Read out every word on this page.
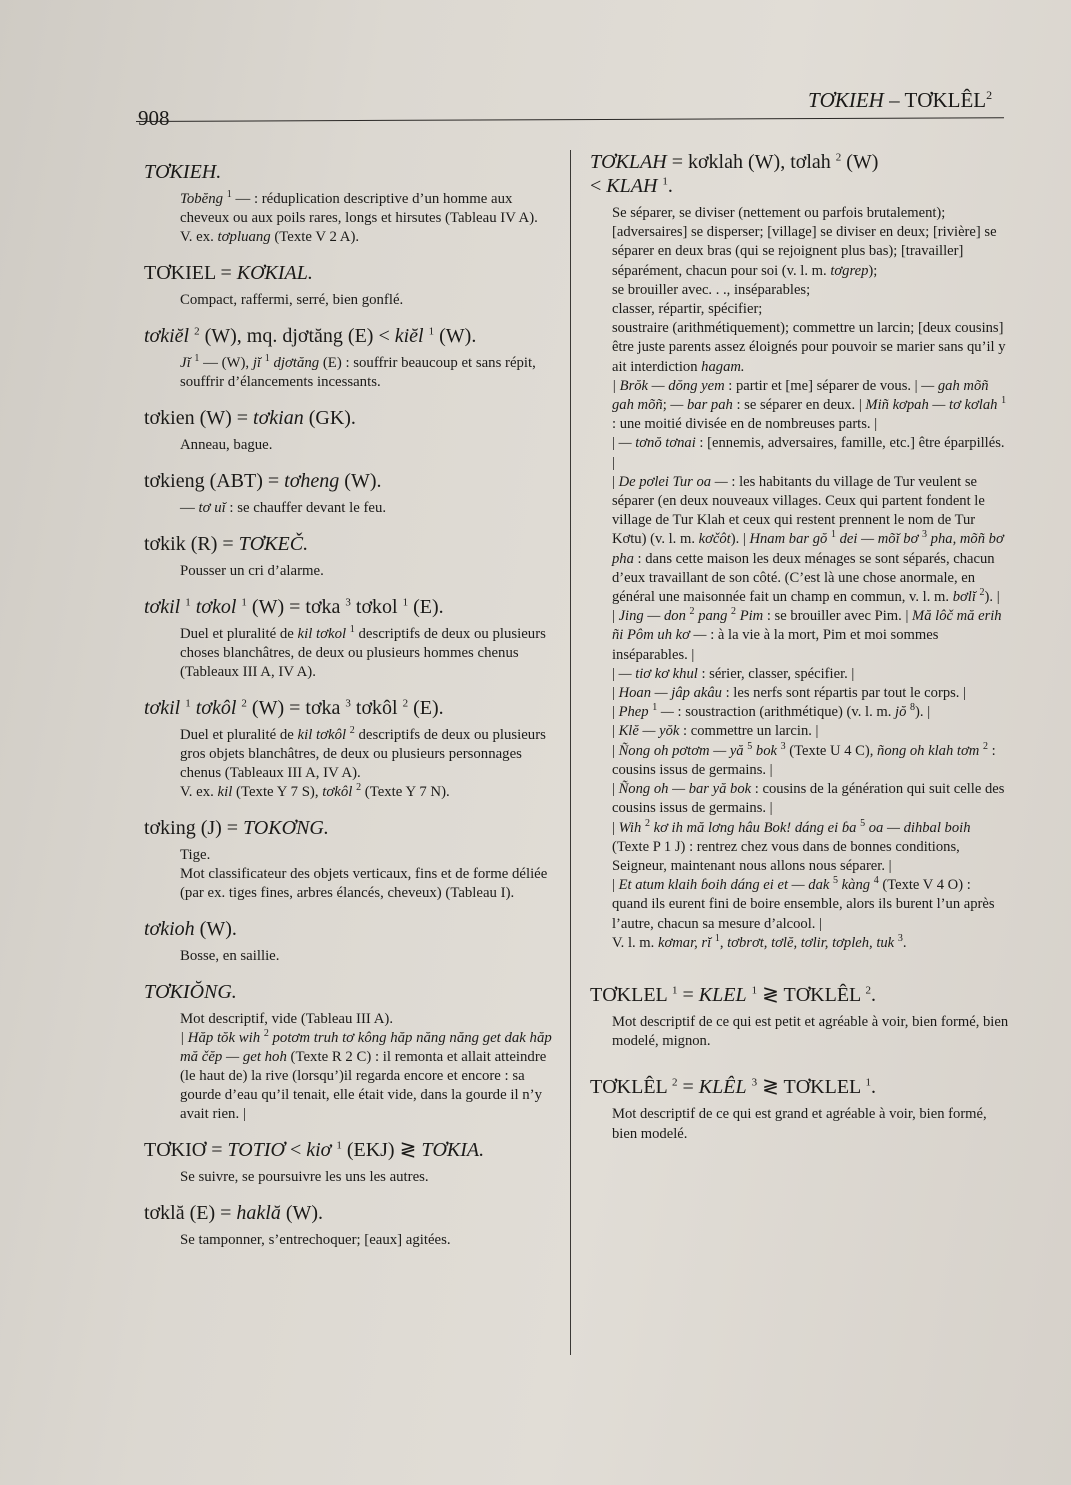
908
TƠKIEH – TƠKLÊL$^2$
TƠKIEH.

Tobĕng $^1$ — : réduplication descriptive d’un homme aux cheveux ou aux poils rares, longs et hirsutes (Tableau IV A).

V. ex. tơpluang (Texte V 2 A).

TƠKIEL = KƠKIAL.

Compact, raffermi, serré, bien gonflé.

tơkiĕl $^2$ (W), mq. djơtăng (E) < kiĕl $^1$ (W).

Jĭ $^1$ — (W), jĭ $^1$ djơtăng (E) : souffrir beaucoup et sans répit, souffrir d’élancements incessants.

tơkien (W) = tơkian (GK).

Anneau, bague.

tơkieng (ABT) = tơheng (W).

— tơ uĭ : se chauffer devant le feu.

tơkik (R) = TƠKEČ.

Pousser un cri d’alarme.

tơkil $^1$ tơkol $^1$ (W) = tơka $^3$ tơkol $^1$ (E).

Duel et pluralité de kil tơkol $^1$ descriptifs de deux ou plusieurs choses blanchâtres, de deux ou plusieurs hommes chenus (Tableaux III A, IV A).

tơkil $^1$ tơkôl $^2$ (W) = tơka $^3$ tơkôl $^2$ (E).

Duel et pluralité de kil tơkôl $^2$ descriptifs de deux ou plusieurs gros objets blanchâtres, de deux ou plusieurs personnages chenus (Tableaux III A, IV A).

V. ex. kil (Texte Y 7 S), tơkôl $^2$ (Texte Y 7 N).

tơking (J) = TOKƠNG.

Tige.

Mot classificateur des objets verticaux, fins et de forme déliée (par ex. tiges fines, arbres élancés, cheveux) (Tableau I).

tơkioh (W).

Bosse, en saillie.

TƠKIŎNG.

Mot descriptif, vide (Tableau III A).

| Hăp tŏk wih $^2$ potơm truh tơ kông hăp năng năng get dak hăp mă čĕp — get hoh (Texte R 2 C) : il remonta et allait atteindre (le haut de) la rive (lorsqu’)il regarda encore et encore : sa gourde d’eau qu’il tenait, elle était vide, dans la gourde il n’y avait rien. |

TƠKIƠ = TOTIƠ < kiơ $^1$ (EKJ) ≷ TƠKIA.

Se suivre, se poursuivre les uns les autres.

tơklă (E) = haklă (W).

Se tamponner, s’entrechoquer; [eaux] agitées.

TƠKLAH = kơklah (W), tơlah $^2$ (W)
< KLAH $^1$.

Se séparer, se diviser (nettement ou parfois brutalement); [adversaires] se disperser; [village] se diviser en deux; [rivière] se séparer en deux bras (qui se rejoignent plus bas); [travailler] séparément, chacun pour soi (v. l. m. tơgrep);

se brouiller avec. . ., inséparables;

classer, répartir, spécifier;

soustraire (arithmétiquement); commettre un larcin; [deux cousins] être juste parents assez éloignés pour pouvoir se marier sans qu’il y ait interdiction hagam.

| Brŏk — dŏng yem : partir et [me] séparer de vous. | — gah mõñ gah mõñ; — bar pah : se séparer en deux. | Miñ kơpah — tơ kơlah $^1$ : une moitié divisée en de nombreuses parts. |

| — tơnŏ tơnai : [ennemis, adversaires, famille, etc.] être éparpillés. |

| De pơlei Tur oa — : les habitants du village de Tur veulent se séparer (en deux nouveaux villages. Ceux qui partent fondent le village de Tur Klah et ceux qui restent prennent le nom de Tur Kơtu) (v. l. m. kơčôt). | Hnam bar gŏ $^1$ dei — mõĭ bơ $^3$ pha, mõñ bơ pha : dans cette maison les deux ménages se sont séparés, chacun d’eux travaillant de son côté. (C’est là une chose anormale, en général une maisonnée fait un champ en commun, v. l. m. bơlĭ $^2$). |

| Jing — don $^2$ pang $^2$ Pim : se brouiller avec Pim. | Mă lôč mă erih ñi Pôm uh kơ — : à la vie à la mort, Pim et moi sommes inséparables. |

| — tiơ kơ khul : sérier, classer, spécifier. |

| Hoan — jâp akâu : les nerfs sont répartis par tout le corps. |

| Phep $^1$ — : soustraction (arithmétique) (v. l. m. jŏ $^8$). |

| Klĕ — yŏk : commettre un larcin. |

| Ñong oh pơtơm — yă $^5$ bok $^3$ (Texte U 4 C), ñong oh klah tơm $^2$ : cousins issus de germains. |

| Ñong oh — bar yă bok : cousins de la génération qui suit celle des cousins issus de germains. |

| Wih $^2$ kơ ih mă lơng hâu Bok! dáng ei ɓa $^5$ oa — dihbal boih (Texte P 1 J) : rentrez chez vous dans de bonnes conditions, Seigneur, maintenant nous allons nous séparer. |

| Et atum klaih ɓoih dáng ei et — dak $^5$ kàng $^4$ (Texte V 4 O) : quand ils eurent fini de boire ensemble, alors ils burent l’un après l’autre, chacun sa mesure d’alcool. |

V. l. m. kơmar, rĭ $^1$, tơbrơt, tơlĕ, tơlir, tơpleh, tuk $^3$.

TƠKLEL $^1$ = KLEL $^1$ ≷ TƠKLÊL $^2$.

Mot descriptif de ce qui est petit et agréable à voir, bien formé, bien modelé, mignon.

TƠKLÊL $^2$ = KLÊL $^3$ ≷ TƠKLEL $^1$.

Mot descriptif de ce qui est grand et agréable à voir, bien formé, bien modelé.
